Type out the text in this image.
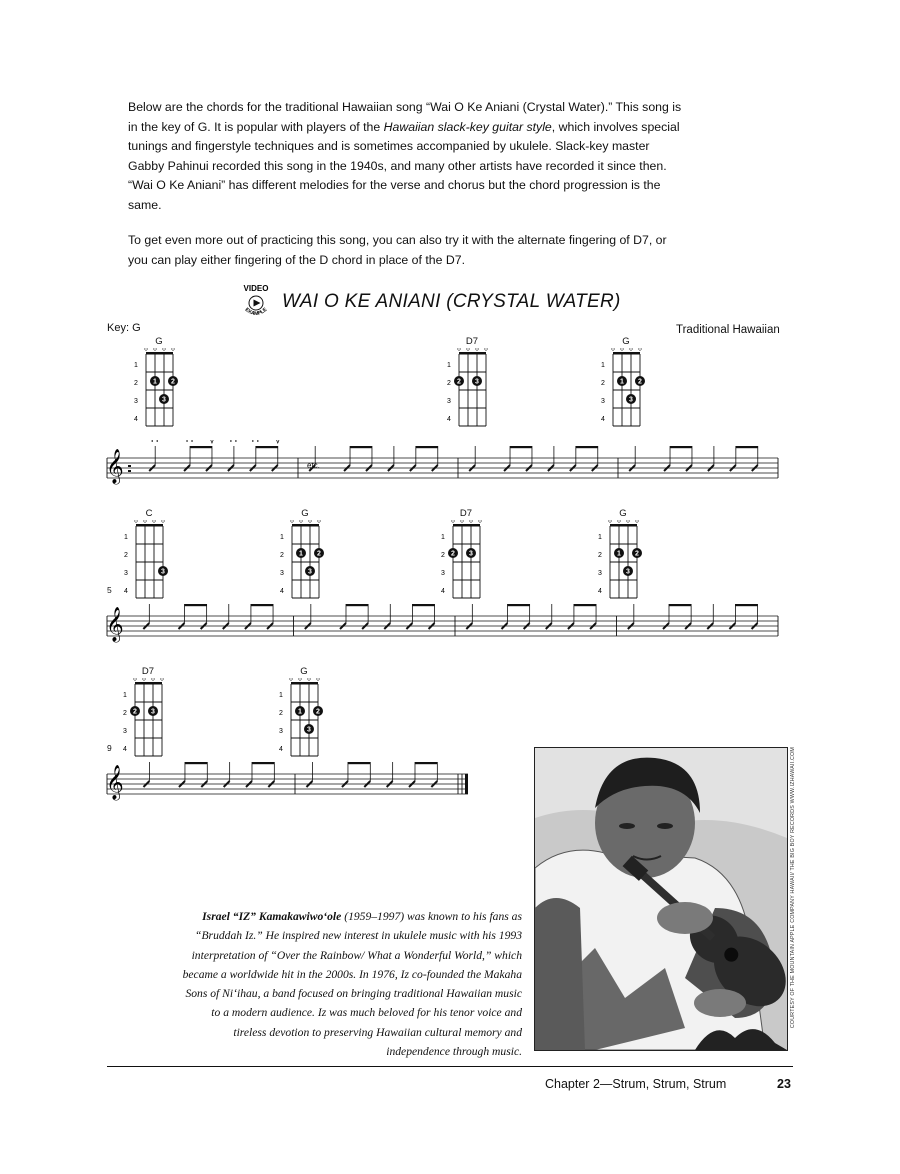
Below are the chords for the traditional Hawaiian song “Wai O Ke Aniani (Crystal Water).” This song is in the key of G. It is popular with players of the Hawaiian slack-key guitar style, which involves special tunings and fingerstyle techniques and is sometimes accompanied by ukulele. Slack-key master Gabby Pahinui recorded this song in the 1940s, and many other artists have recorded it since then. “Wai O Ke Aniani” has different melodies for the verse and chorus but the chord progression is the same.

To get even more out of practicing this song, you can also try it with the alternate fingering of D7, or you can play either fingering of the D chord in place of the D7.

VIDEO
EXAMPLE WAI O KE ANIANI (CRYSTAL WATER)
Key: G	Traditional Hawaiian
G
1
2
3
4
1 2
3
D7
1
2
3
4
2 3
G
1
2
3
4
1 2
3
C
1
2
3
4
3
G
1
2
3
4
1 2
3
D7
1
2
3
4
2 3
G
1
2
3
4
1 2
3
D7
1
2
3
4
2 3
G
1
2
3
4
1 2
3
𝄞
𝄞
𝄞
etc.
5
9	COURTESY OF THE MOUNTAIN APPLE COMPANY HAWAII/ THE BIG BOY RECORDS WWW.IZHAWAII.COM
Israel “IZ” Kamakawiwo‘ole (1959–1997) was known to his fans as “Bruddah Iz.” He inspired new interest in ukulele music with his 1993 interpretation of “Over the Rainbow/ What a Wonderful World,” which became a worldwide hit in the 2000s. In 1976, Iz co-founded the Makaha Sons of Ni‘ihau, a band focused on bringing traditional Hawaiian music to a modern audience. Iz was much beloved for his tenor voice and tireless devotion to preserving Hawaiian cultural memory and independence through music.
Chapter 2—Strum, Strum, Strum	23
